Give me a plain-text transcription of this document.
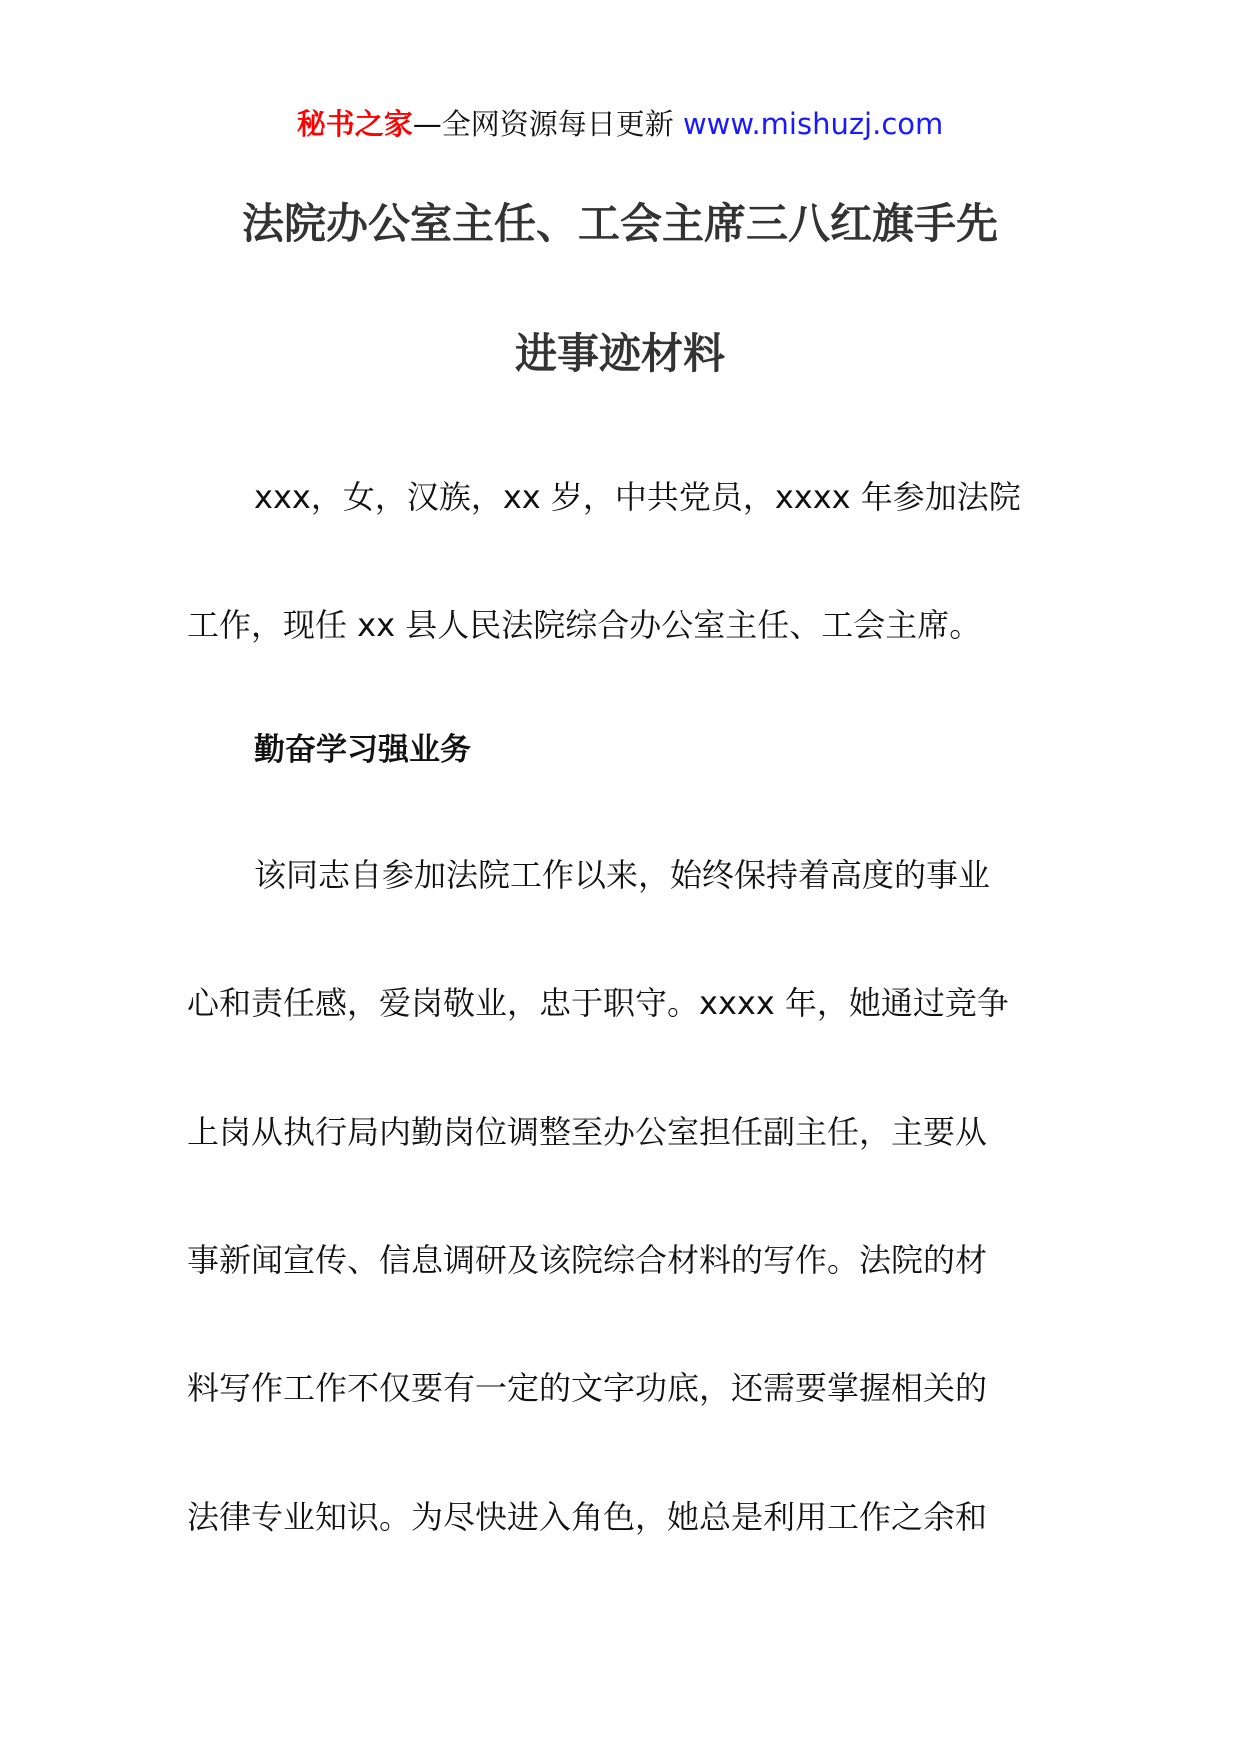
秘书之家—全网资源每日更新 www.mishuzj.com
法院办公室主任、工会主席三八红旗手先
进事迹材料
xxx，女，汉族，xx 岁，中共党员，xxxx 年参加法院
工作，现任 xx 县人民法院综合办公室主任、工会主席。
勤奋学习强业务
该同志自参加法院工作以来，始终保持着高度的事业
心和责任感，爱岗敬业，忠于职守。xxxx 年，她通过竞争
上岗从执行局内勤岗位调整至办公室担任副主任，主要从
事新闻宣传、信息调研及该院综合材料的写作。法院的材
料写作工作不仅要有一定的文字功底，还需要掌握相关的
法律专业知识。为尽快进入角色，她总是利用工作之余和
